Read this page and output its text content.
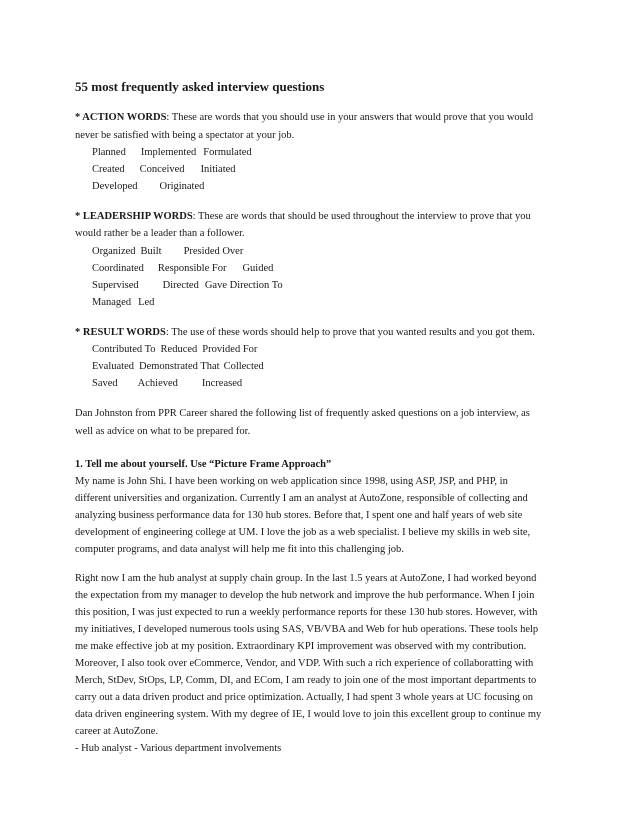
55 most frequently asked interview questions
* ACTION WORDS: These are words that you should use in your answers that would prove that you would
never be satisfied with being a spectator at your job.
Planned Implemented Formulated
Created Conceived Initiated
Developed Originated
* LEADERSHIP WORDS: These are words that should be used throughout the interview to prove that you
would rather be a leader than a follower.
Organized Built Presided Over
Coordinated Responsible For Guided
Supervised Directed Gave Direction To
Managed Led
* RESULT WORDS: The use of these words should help to prove that you wanted results and you got them.
Contributed To Reduced Provided For
Evaluated Demonstrated That Collected
Saved Achieved Increased
Dan Johnston from PPR Career shared the following list of frequently asked questions on a job interview, as
well as advice on what to be prepared for.
1. Tell me about yourself. Use “Picture Frame Approach”
My name is John Shi. I have been working on web application since 1998, using ASP, JSP, and PHP, in
different universities and organization. Currently I am an analyst at AutoZone, responsible of collecting and
analyzing business performance data for 130 hub stores. Before that, I spent one and half years of web site
development of engineering college at UM. I love the job as a web specialist. I believe my skills in web site,
computer programs, and data analyst will help me fit into this challenging job.
Right now I am the hub analyst at supply chain group. In the last 1.5 years at AutoZone, I had worked beyond
the expectation from my manager to develop the hub network and improve the hub performance. When I join
this position, I was just expected to run a weekly performance reports for these 130 hub stores. However, with
my initiatives, I developed numerous tools using SAS, VB/VBA and Web for hub operations. These tools help
me make effective job at my position. Extraordinary KPI improvement was observed with my contribution.
Moreover, I also took over eCommerce, Vendor, and VDP. With such a rich experience of collaboratting with
Merch, StDev, StOps, LP, Comm, DI, and ECom, I am ready to join one of the most important departments to
carry out a data driven product and price optimization. Actually, I had spent 3 whole years at UC focusing on
data driven engineering system. With my degree of IE, I would love to join this excellent group to continue my
career at AutoZone.
- Hub analyst - Various department involvements
